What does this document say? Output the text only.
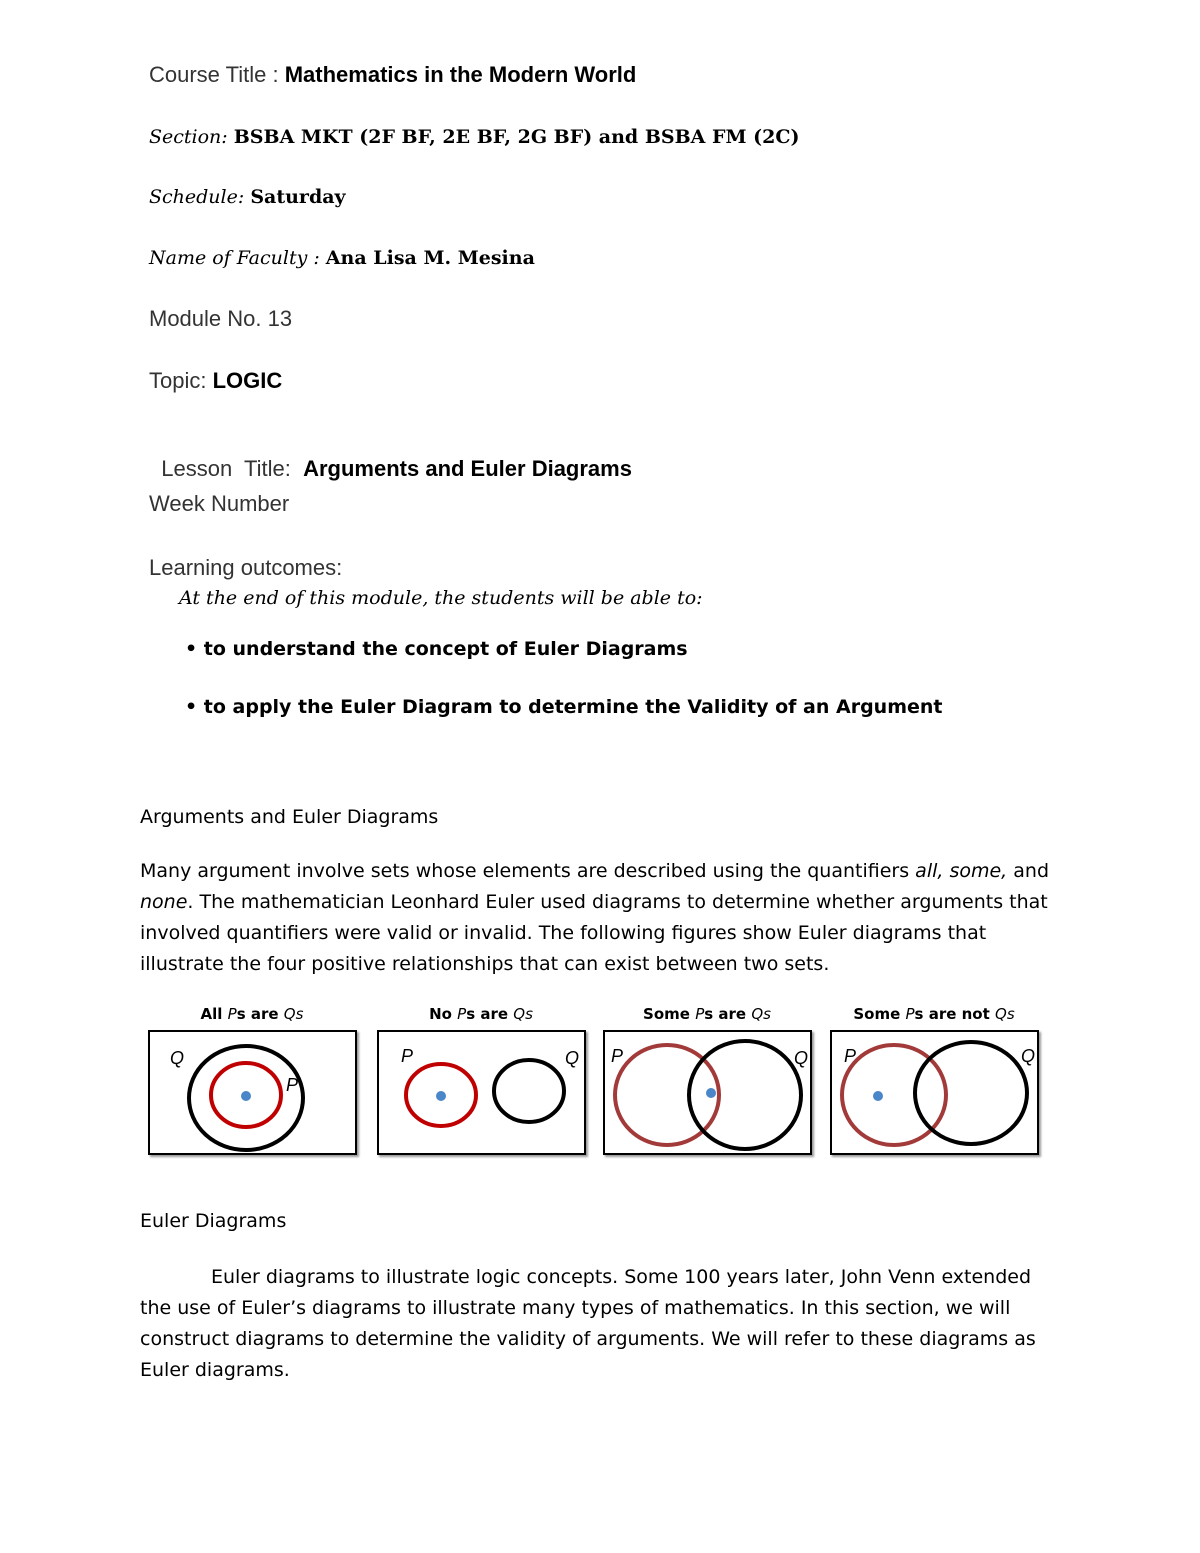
Course Title : Mathematics in the Modern World
Section: BSBA MKT (2F BF, 2E BF, 2G BF) and BSBA FM (2C)
Schedule: Saturday
Name of Faculty : Ana Lisa M. Mesina
Module No. 13
Topic: LOGIC

Lesson  Title:  Arguments and Euler Diagrams

Week Number
Learning outcomes:
At the end of this module, the students will be able to:
• to understand the concept of Euler Diagrams
• to apply the Euler Diagram to determine the Validity of an Argument
Arguments and Euler Diagrams
Many argument involve sets whose elements are described using the quantifiers all, some, and
none. The mathematician Leonhard Euler used diagrams to determine whether arguments that
involved quantifiers were valid or invalid. The following figures show Euler diagrams that
illustrate the four positive relationships that can exist between two sets.
All Ps are Qs	No Ps are Qs	Some Ps are Qs	Some Ps are not Qs
Q
P
P	Q P	Q P	Q
Euler Diagrams
Euler diagrams to illustrate logic concepts. Some 100 years later, John Venn extended
the use of Euler’s diagrams to illustrate many types of mathematics. In this section, we will
construct diagrams to determine the validity of arguments. We will refer to these diagrams as
Euler diagrams.
